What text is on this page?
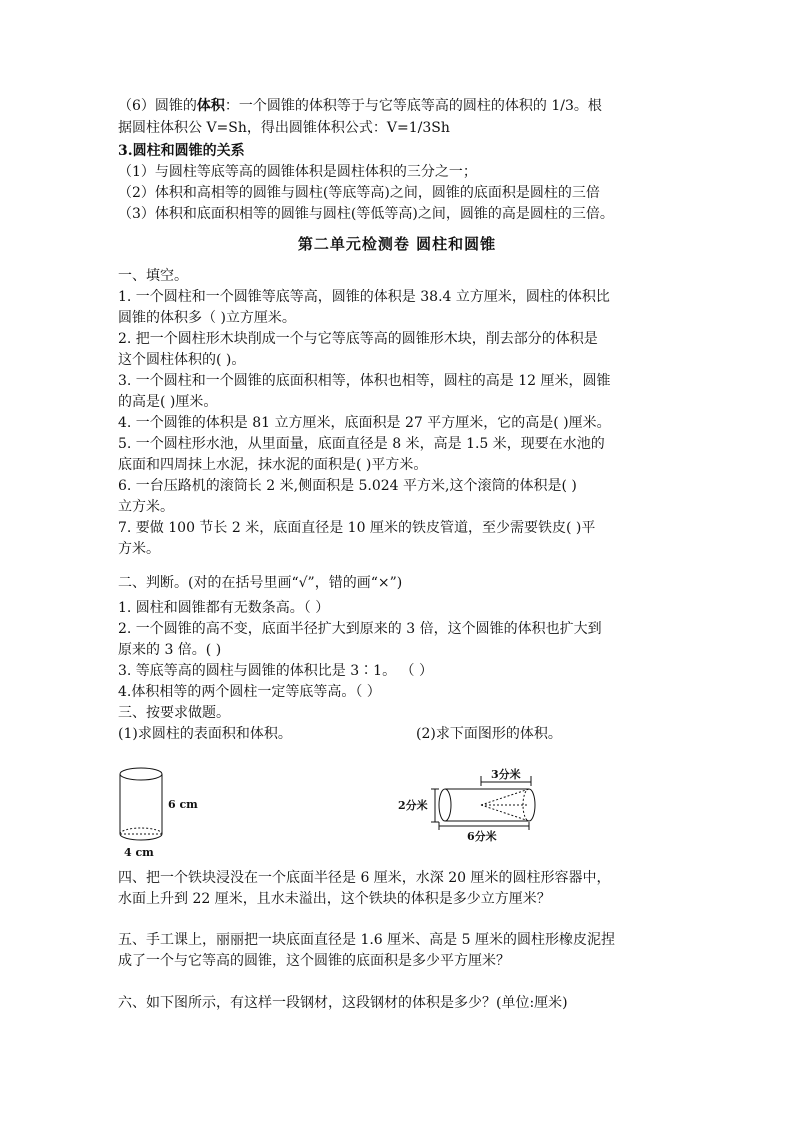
（6）圆锥的体积：一个圆锥的体积等于与它等底等高的圆柱的体积的 1/3。根
据圆柱体积公 V=Sh，得出圆锥体积公式：V=1/3Sh
3.圆柱和圆锥的关系
（1）与圆柱等底等高的圆锥体积是圆柱体积的三分之一；
（2）体积和高相等的圆锥与圆柱(等底等高)之间，圆锥的底面积是圆柱的三倍
（3）体积和底面积相等的圆锥与圆柱(等低等高)之间，圆锥的高是圆柱的三倍。
第二单元检测卷 圆柱和圆锥
一、填空。
1. 一个圆柱和一个圆锥等底等高，圆锥的体积是 38.4 立方厘米，圆柱的体积比
圆锥的体积多（ )立方厘米。
2. 把一个圆柱形木块削成一个与它等底等高的圆锥形木块，削去部分的体积是
这个圆柱体积的( )。
3. 一个圆柱和一个圆锥的底面积相等，体积也相等，圆柱的高是 12 厘米，圆锥
的高是( )厘米。
4. 一个圆锥的体积是 81 立方厘米，底面积是 27 平方厘米，它的高是( )厘米。
5. 一个圆柱形水池，从里面量，底面直径是 8 米，高是 1.5 米，现要在水池的
底面和四周抹上水泥，抹水泥的面积是( )平方米。
6. 一台压路机的滚筒长 2 米,侧面积是 5.024 平方米,这个滚筒的体积是( )
立方米。
7. 要做 100 节长 2 米，底面直径是 10 厘米的铁皮管道，至少需要铁皮( )平
方米。
二、判断。(对的在括号里画“√”，错的画“×”)
1. 圆柱和圆锥都有无数条高。（ ）
2. 一个圆锥的高不变，底面半径扩大到原来的 3 倍，这个圆锥的体积也扩大到
原来的 3 倍。( )
3. 等底等高的圆柱与圆锥的体积比是 3∶1。 （ ）
4.体积相等的两个圆柱一定等底等高。（ ）
三、按要求做题。
(1)求圆柱的表面积和体积。	(2)求下面图形的体积。
6 cm
4 cm
3分米
2分米
6分米
四、把一个铁块浸没在一个底面半径是 6 厘米，水深 20 厘米的圆柱形容器中，
水面上升到 22 厘米，且水未溢出，这个铁块的体积是多少立方厘米？
五、手工课上，丽丽把一块底面直径是 1.6 厘米、高是 5 厘米的圆柱形橡皮泥捏
成了一个与它等高的圆锥，这个圆锥的底面积是多少平方厘米？
六、如下图所示，有这样一段钢材，这段钢材的体积是多少？(单位:厘米)
